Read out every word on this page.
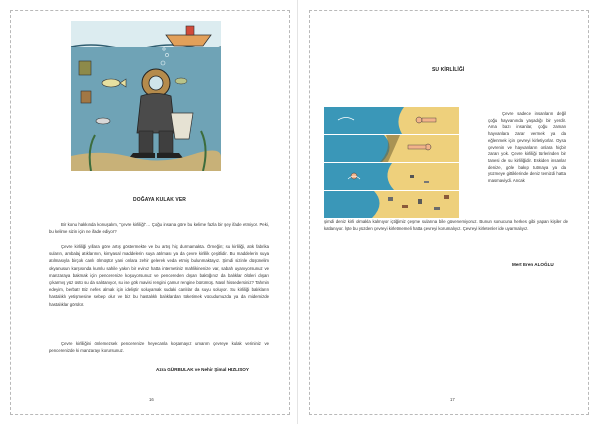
DOĞAYA KULAK VER

Bir konu hakkında konuşalım, "çevre kirliliği"… Çoğu insana göre bu kelime fazla bir şey ifade etmiyor. Peki, bu kelime sizin için ne ifade ediyor?

Çevre kirliliği yıllara göre artış göstermekte ve bu artış hiç durmamakta. Örneğin; su kirliliği, atık fabrika suların, ambalaj atıklarının, kimyasal maddelerin suya atılması ya da çevre kirlilik çeşitlidir. Bu maddelerin suya atılmasıyla birçok canlı ölmüştür yani onlara zehir gelerek veda etmiş bulunmaktayız. Şimdi sizinle düşünelim okyanusun karşısında kumlu sahile yakın bir evinız hatta internetiniz mahlikinenize var, sabah uyanıyorsunuz ve manzaraya bakmak için pencerenize koşuyorsunuz ve pencereden dışarı baktığınız da balıklar ölüleri dışarı çıkarmış yüz üstü su da salıtanıyor, su ise gök mavisi rengini çamur rengine bürümüş. Nasıl hissedersiniz? Tahmin edeyim, berbat! Biz nefes almak için ideliştir soluyamak sudaki canlılar da suyu soluyor. Su kirliliği balıkların hastalıklı yetişmesine sebep olur ve biz bu hastalıklı balıklardan tüketimek vücudumuzda ya da midemizde hastalıklar görülür.

Çevre kirliliğini önlemezsek pencerenize heyecanla koşamayız umarım çevreye kulak verininiz ve pencerenizde ki manzarayı korursunuz.

Azra GÜRBULAK ve Nehir Şimal HIZLISOY
16
SU KİRLİLİĞİ

Çevre sadece insanların değil çoğu hayvanında yaşadığı bir yerdir. Ama bazı insanlar, çoğu zaman hayvanlara zarar vermek ya da eğlenmek için çevreyi kirletiyorlar. Oysa çevrenin ve hayvanların onlara hiçbir zararı yok. Çevre kirliliği türlerinden bir tanesi de su kirliliğidir. Eskiden insanlar denize, göle bakıp tutmaya ya da yüzmeye gittiklerinde deniz temizdi hatta masmaviydi. Ancak

şimdi deniz kirli olmakla kalmıyor içtiğimiz çeşme sularına bile güvenemiyoruz. Bunun sonucuna herkes gibi yapan kişiler de katlanıyor. İşte bu yüzden çevreyi kirletmemeli hatta çevreyi korumalıyız. Çevreyi kirletenler ide uyarmalıyız.

Mert Eren ALOĞLU
17
